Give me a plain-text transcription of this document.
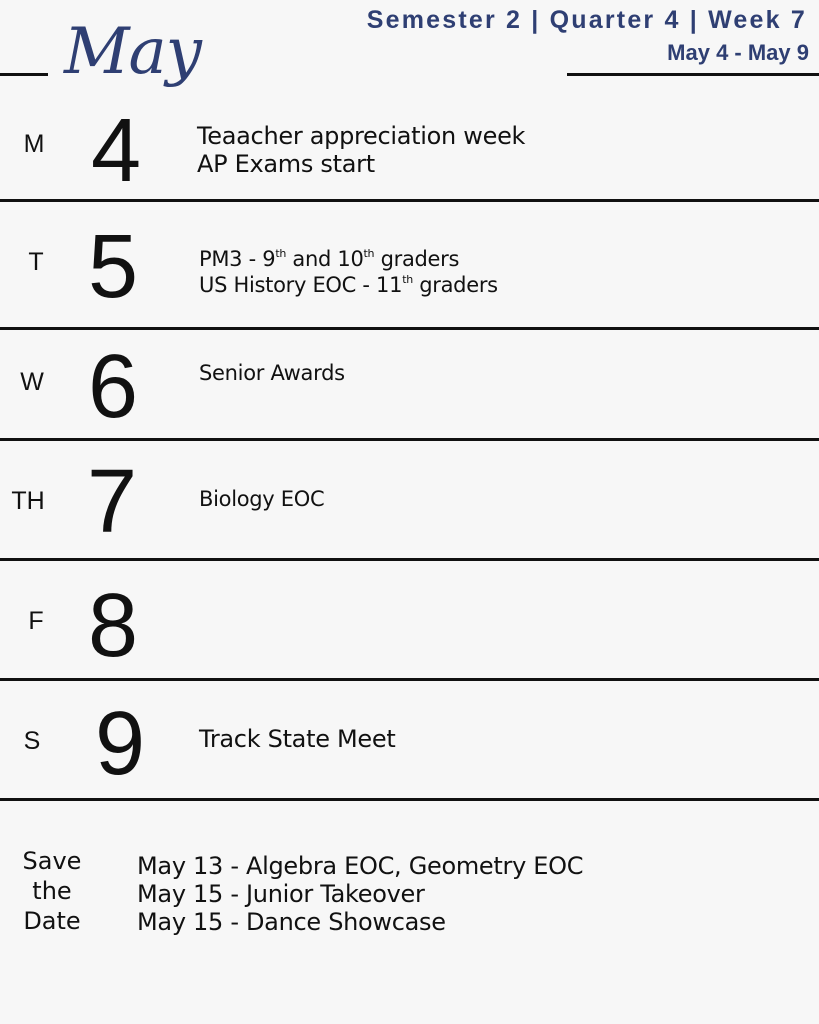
May	Semester 2 | Quarter 4 | Week 7
May 4 - May 9
M 4	Teaacher appreciation week
AP Exams start
T 5	PM3 - 9th and 10th graders
US History EOC - 11th graders
W 6	Senior Awards
TH 7	Biology EOC
F 8
S 9	Track State Meet
Save
the
Date
May 13 - Algebra EOC, Geometry EOC
May 15 - Junior Takeover
May 15 - Dance Showcase
